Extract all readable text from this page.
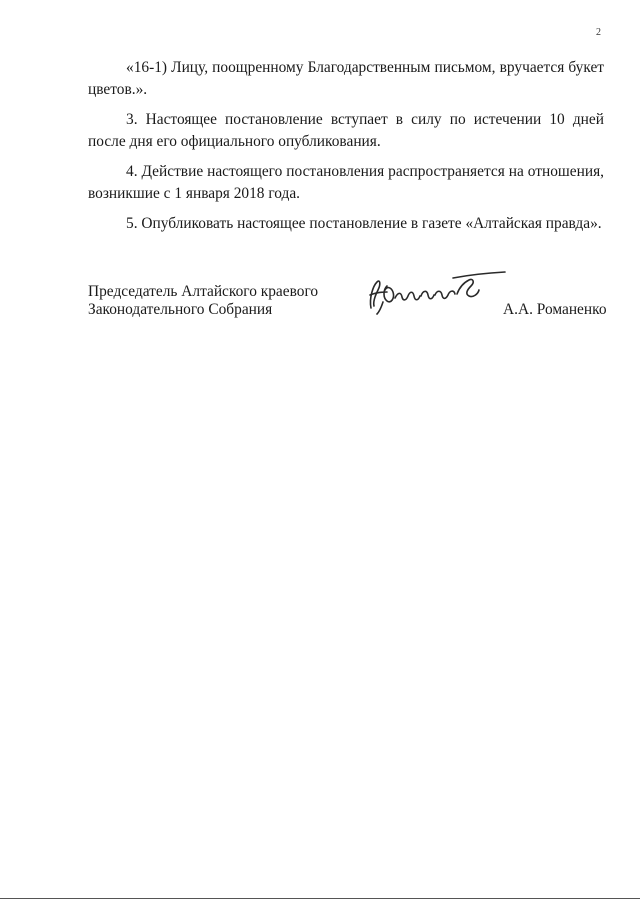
2

«16-1) Лицу, поощренному Благодарственным письмом, вручается букет цветов.».

3. Настоящее постановление вступает в силу по истечении 10 дней после дня его официального опубликования.

4. Действие настоящего постановления распространяется на отношения, возникшие с 1 января 2018 года.

5. Опубликовать настоящее постановление в газете «Алтайская правда».

Председатель Алтайского краевого
Законодательного Собрания	А.А. Романенко
